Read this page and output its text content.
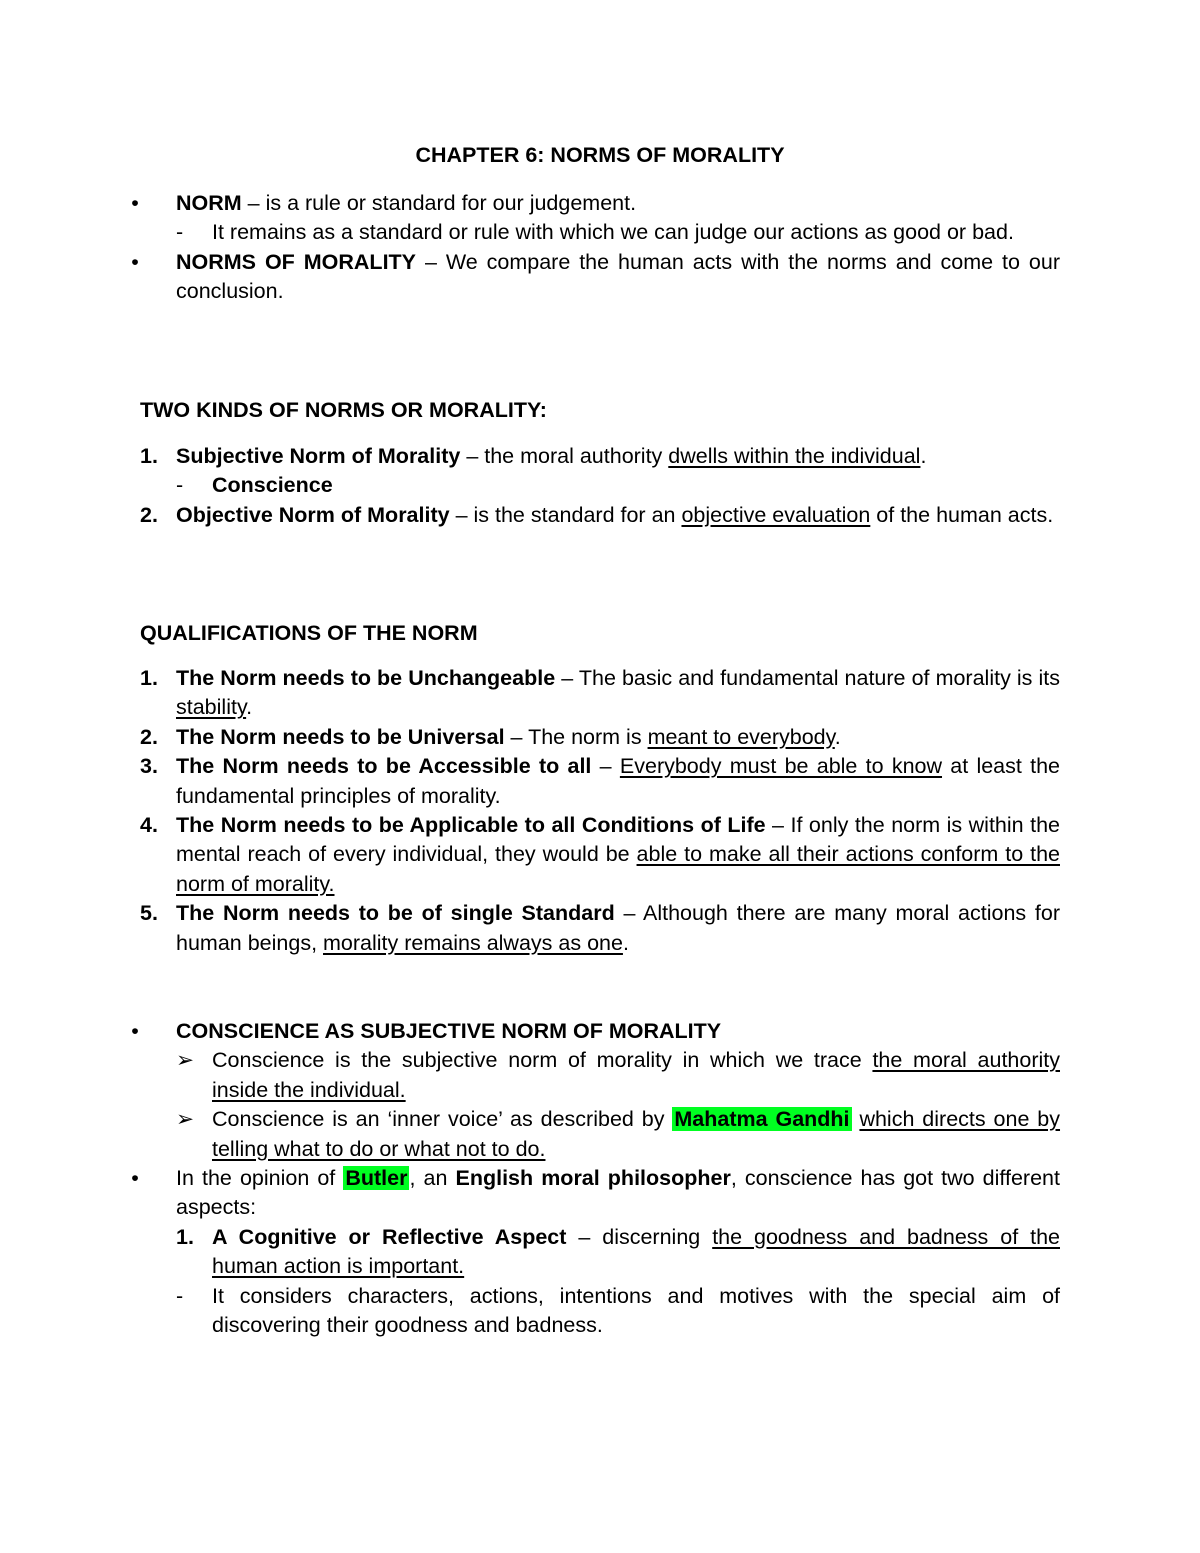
CHAPTER 6: NORMS OF MORALITY
•
NORM – is a rule or standard for our judgement.
- It remains as a standard or rule with which we can judge our actions as good or bad.
•
NORMS OF MORALITY – We compare the human acts with the norms and come to our conclusion.

TWO KINDS OF NORMS OR MORALITY:

1. Subjective Norm of Morality – the moral authority dwells within the individual.
- Conscience
2. Objective Norm of Morality – is the standard for an objective evaluation of the human acts.

QUALIFICATIONS OF THE NORM

1. The Norm needs to be Unchangeable – The basic and fundamental nature of morality is its stability.
2. The Norm needs to be Universal – The norm is meant to everybody.
3. The Norm needs to be Accessible to all – Everybody must be able to know at least the fundamental principles of morality.
4. The Norm needs to be Applicable to all Conditions of Life – If only the norm is within the mental reach of every individual, they would be able to make all their actions conform to the norm of morality.
5. The Norm needs to be of single Standard – Although there are many moral actions for human beings, morality remains always as one.
•
CONSCIENCE AS SUBJECTIVE NORM OF MORALITY
➢ Conscience is the subjective norm of morality in which we trace the moral authority inside the individual.
➢ Conscience is an ‘inner voice’ as described by Mahatma Gandhi which directs one by telling what to do or what not to do.
•
In the opinion of Butler, an English moral philosopher, conscience has got two different aspects:
1. A Cognitive or Reflective Aspect – discerning the goodness and badness of the human action is important.
- It considers characters, actions, intentions and motives with the special aim of discovering their goodness and badness.
